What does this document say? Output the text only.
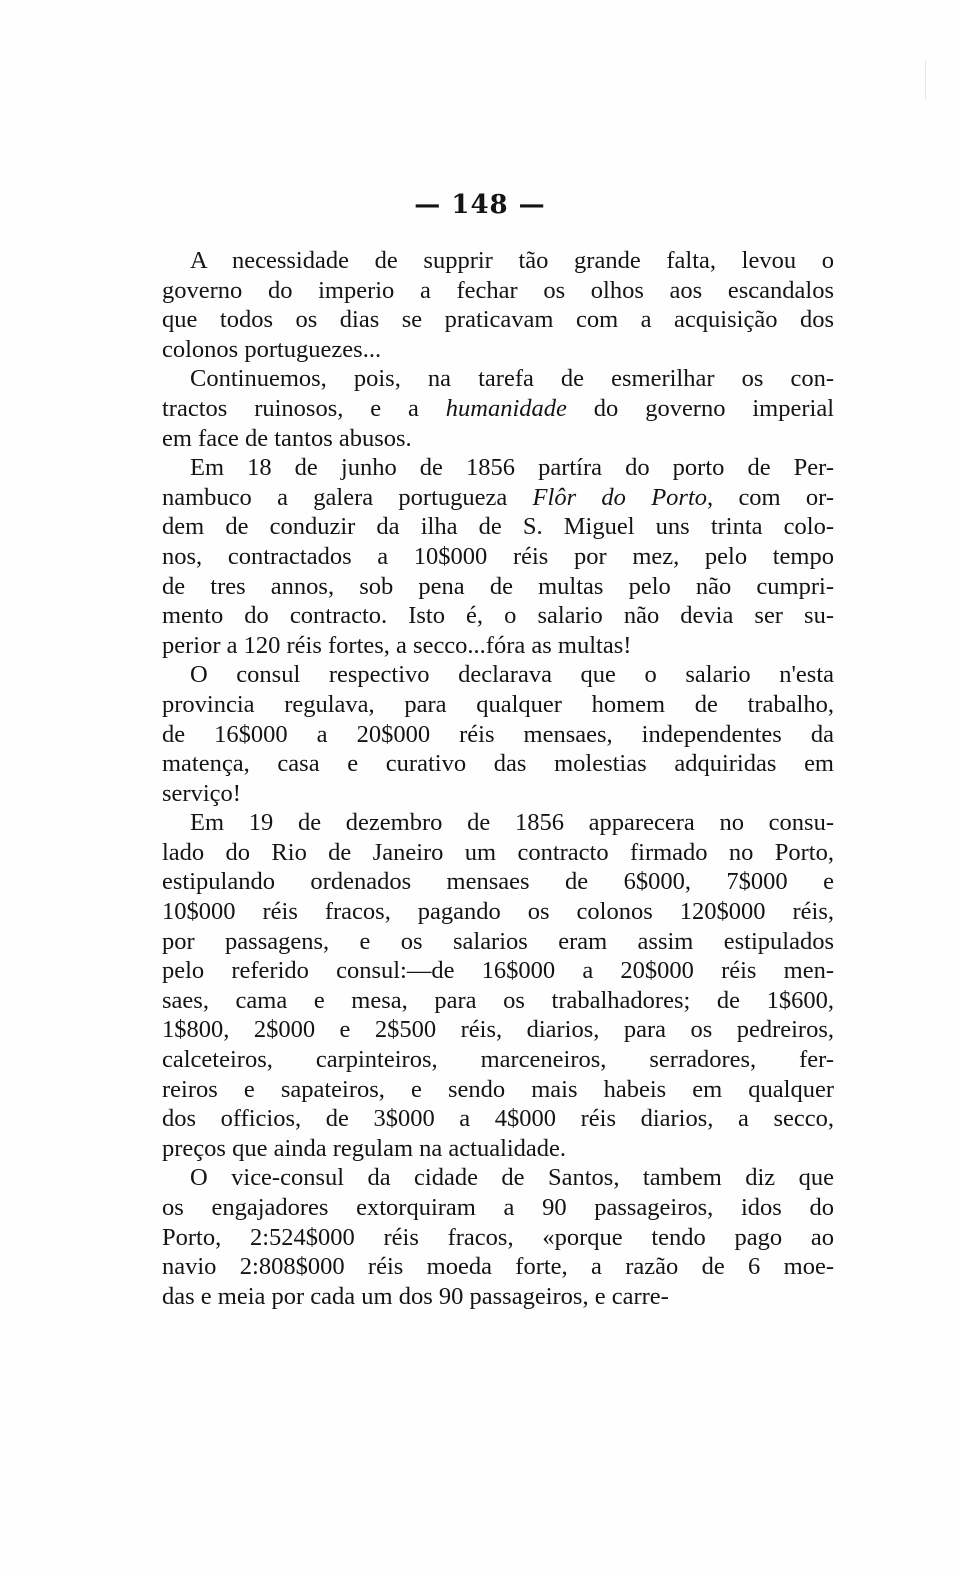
— 148 —
A necessidade de supprir tão grande falta, levou o
governo do imperio a fechar os olhos aos escandalos
que todos os dias se praticavam com a acquisição dos
colonos portuguezes...
Continuemos, pois, na tarefa de esmerilhar os con-
tractos ruinosos, e a humanidade do governo imperial
em face de tantos abusos.
Em 18 de junho de 1856 partíra do porto de Per-
nambuco a galera portugueza Flôr do Porto, com or-
dem de conduzir da ilha de S. Miguel uns trinta colo-
nos, contractados a 10$000 réis por mez, pelo tempo
de tres annos, sob pena de multas pelo não cumpri-
mento do contracto. Isto é, o salario não devia ser su-
perior a 120 réis fortes, a secco...fóra as multas!
O consul respectivo declarava que o salario n'esta
provincia regulava, para qualquer homem de trabalho,
de 16$000 a 20$000 réis mensaes, independentes da
matença, casa e curativo das molestias adquiridas em
serviço!
Em 19 de dezembro de 1856 apparecera no consu-
lado do Rio de Janeiro um contracto firmado no Porto,
estipulando ordenados mensaes de 6$000, 7$000 e
10$000 réis fracos, pagando os colonos 120$000 réis,
por passagens, e os salarios eram assim estipulados
pelo referido consul:—de 16$000 a 20$000 réis men-
saes, cama e mesa, para os trabalhadores; de 1$600,
1$800, 2$000 e 2$500 réis, diarios, para os pedreiros,
calceteiros, carpinteiros, marceneiros, serradores, fer-
reiros e sapateiros, e sendo mais habeis em qualquer
dos officios, de 3$000 a 4$000 réis diarios, a secco,
preços que ainda regulam na actualidade.
O vice-consul da cidade de Santos, tambem diz que
os engajadores extorquiram a 90 passageiros, idos do
Porto, 2:524$000 réis fracos, «porque tendo pago ao
navio 2:808$000 réis moeda forte, a razão de 6 moe-
das e meia por cada um dos 90 passageiros, e carre-
